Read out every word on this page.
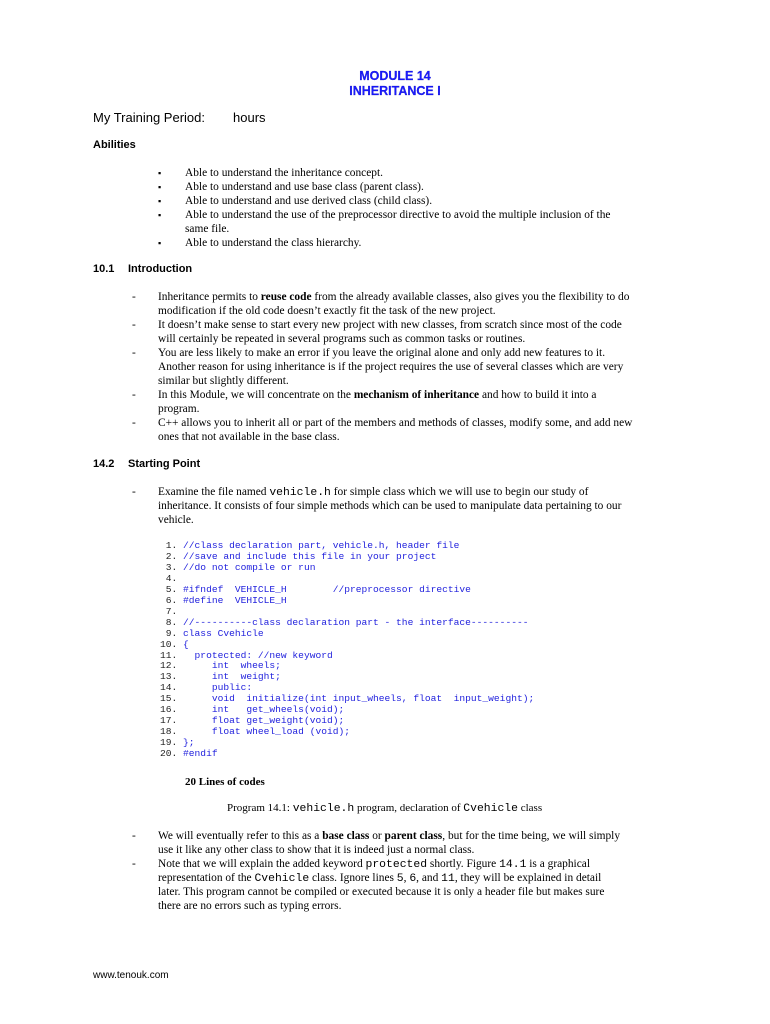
MODULE 14
INHERITANCE I
My Training Period: hours
Abilities
▪ Able to understand the inheritance concept.
▪ Able to understand and use base class (parent class).
▪ Able to understand and use derived class (child class).
▪ Able to understand the use of the preprocessor directive to avoid the multiple inclusion of the
same file.
▪ Able to understand the class hierarchy.
10.1 Introduction
- Inheritance permits to reuse code from the already available classes, also gives you the flexibility to do
modification if the old code doesn’t exactly fit the task of the new project.
- It doesn’t make sense to start every new project with new classes, from scratch since most of the code
will certainly be repeated in several programs such as common tasks or routines.
- You are less likely to make an error if you leave the original alone and only add new features to it.
Another reason for using inheritance is if the project requires the use of several classes which are very
similar but slightly different.
- In this Module, we will concentrate on the mechanism of inheritance and how to build it into a
program.
- C++ allows you to inherit all or part of the members and methods of classes, modify some, and add new
ones that not available in the base class.
14.2 Starting Point
- Examine the file named vehicle.h for simple class which we will use to begin our study of
inheritance. It consists of four simple methods which can be used to manipulate data pertaining to our
vehicle.
1. //class declaration part, vehicle.h, header file
2. //save and include this file in your project
3. //do not compile or run
4.
5. #ifndef  VEHICLE_H        //preprocessor directive
6. #define  VEHICLE_H
7.
8. //----------class declaration part - the interface----------
9. class Cvehicle
10. {
11.   protected: //new keyword
12.      int  wheels;
13.      int  weight;
14.      public:
15.      void  initialize(int input_wheels, float  input_weight);
16.      int   get_wheels(void);
17.      float get_weight(void);
18.      float wheel_load (void);
19. };
20. #endif
20 Lines of codes
Program 14.1: vehicle.h program, declaration of Cvehicle class
- We will eventually refer to this as a base class or parent class, but for the time being, we will simply
use it like any other class to show that it is indeed just a normal class.
- Note that we will explain the added keyword protected shortly. Figure 14.1 is a graphical
representation of the Cvehicle class. Ignore lines 5, 6, and 11, they will be explained in detail
later. This program cannot be compiled or executed because it is only a header file but makes sure
there are no errors such as typing errors.
www.tenouk.com
